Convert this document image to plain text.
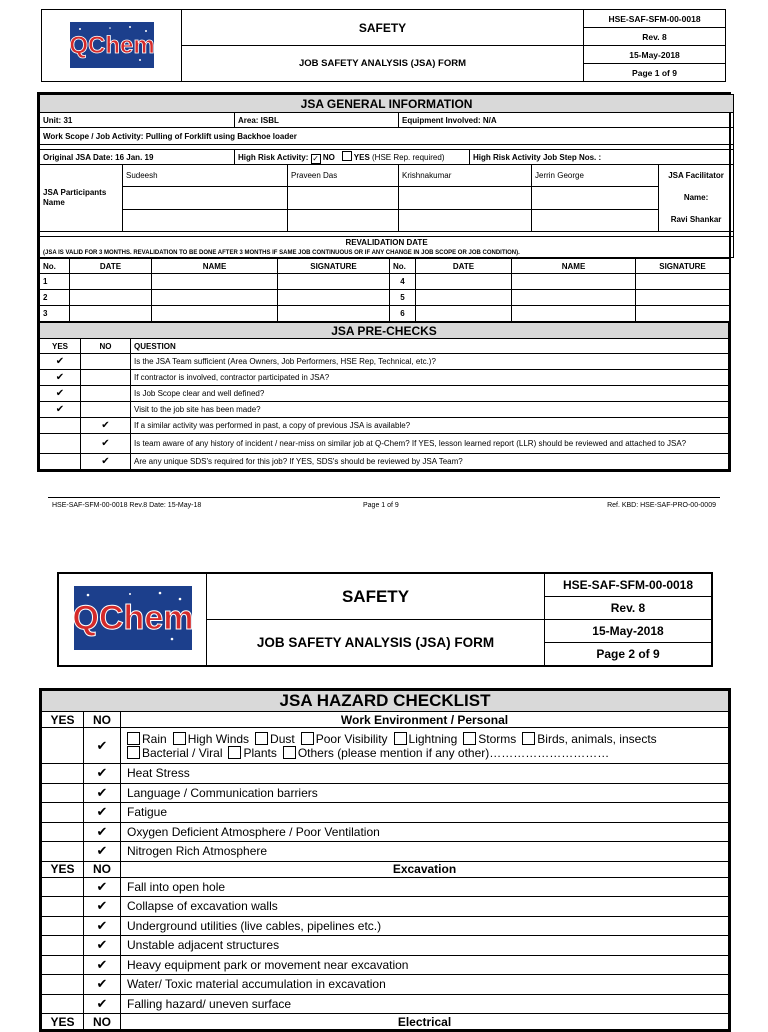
QChem	SAFETY	HSE-SAF-SFM-00-0018
		Rev. 8
	JOB SAFETY ANALYSIS (JSA) FORM	15-May-2018
		Page 1 of 9
JSA GENERAL INFORMATION							
Unit: 31		Area: ISBL		Equipment Involved: N/A			
Work Scope / Job Activity: Pulling of Forklift using Backhoe loader							

Original JSA Date: 16 Jan. 19		High Risk Activity: ✓ NO YES (HSE Rep. required)			High Risk Activity Job Step Nos. :		
JSA Participants Name	Sudeesh		Praveen Das	Krishnakumar		Jerrin George	JSA Facilitator Name:
Ravi Shankar

REVALIDATION DATE							
(JSA IS VALID FOR 3 MONTHS. REVALIDATION TO BE DONE AFTER 3 MONTHS IF SAME JOB CONTINUOUS OR IF ANY CHANGE IN JOB SCOPE OR JOB CONDITION).							
No.	DATE	NAME	SIGNATURE	No.	DATE	NAME	SIGNATURE
1				4			
2				5			
3				6			
JSA PRE-CHECKS		
YES	NO	QUESTION
✔		Is the JSA Team sufficient (Area Owners, Job Performers, HSE Rep, Technical, etc.)?
✔		If contractor is involved, contractor participated in JSA?
✔		Is Job Scope clear and well defined?
✔		Visit to the job site has been made?
	✔	If a similar activity was performed in past, a copy of previous JSA is available?
	✔	Is team aware of any history of incident / near-miss on similar job at Q-Chem? If YES, lesson learned report (LLR) should be reviewed and attached to JSA?
	✔	Are any unique SDS's required for this job? If YES, SDS's should be reviewed by JSA Team?
HSE-SAF-SFM-00-0018 Rev.8 Date: 15-May-18	Page 1 of 9	Ref. KBD: HSE-SAF-PRO-00-0009
QChem	SAFETY	HSE-SAF-SFM-00-0018
		Rev. 8
	JOB SAFETY ANALYSIS (JSA) FORM	15-May-2018
		Page 2 of 9
JSA HAZARD CHECKLIST		
YES	NO	Work Environment / Personal
	✔	Rain High Winds Dust Poor Visibility Lightning Storms Birds, animals, insectsBacterial / Viral Plants Others (please mention if any other)…………………………
	✔	Heat Stress
	✔	Language / Communication barriers
	✔	Fatigue
	✔	Oxygen Deficient Atmosphere / Poor Ventilation
	✔	Nitrogen Rich Atmosphere
YES	NO	Excavation
	✔	Fall into open hole
	✔	Collapse of excavation walls
	✔	Underground utilities (live cables, pipelines etc.)
	✔	Unstable adjacent structures
	✔	Heavy equipment park or movement near excavation
	✔	Water/ Toxic material accumulation in excavation
	✔	Falling hazard/ uneven surface
YES	NO	Electrical
